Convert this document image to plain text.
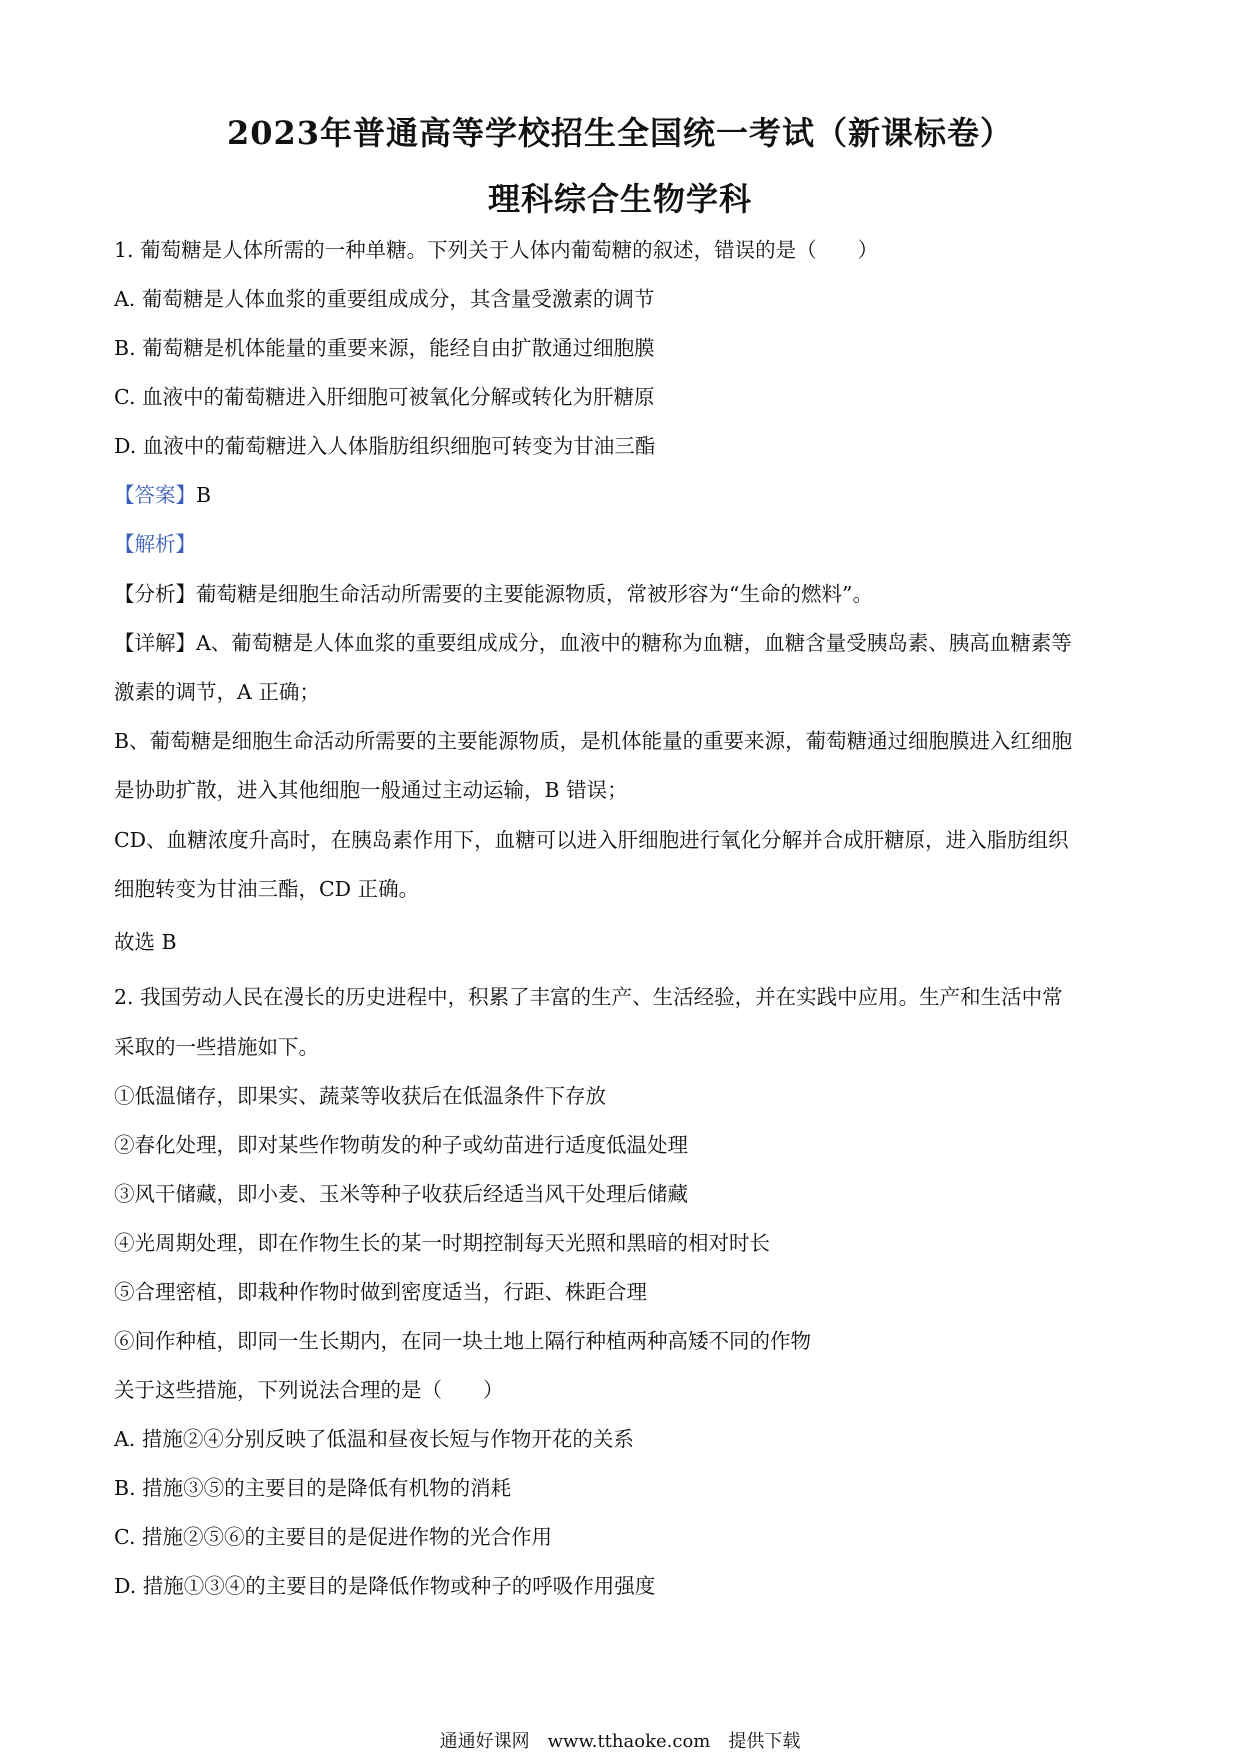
2023年普通高等学校招生全国统一考试（新课标卷）
理科综合生物学科
1. 葡萄糖是人体所需的一种单糖。下列关于人体内葡萄糖的叙述，错误的是（　　）
A. 葡萄糖是人体血浆的重要组成成分，其含量受激素的调节
B. 葡萄糖是机体能量的重要来源，能经自由扩散通过细胞膜
C. 血液中的葡萄糖进入肝细胞可被氧化分解或转化为肝糖原
D. 血液中的葡萄糖进入人体脂肪组织细胞可转变为甘油三酯
【答案】B
【解析】
【分析】葡萄糖是细胞生命活动所需要的主要能源物质，常被形容为“生命的燃料”。
【详解】A、葡萄糖是人体血浆的重要组成成分，血液中的糖称为血糖，血糖含量受胰岛素、胰高血糖素等
激素的调节，A 正确；
B、葡萄糖是细胞生命活动所需要的主要能源物质，是机体能量的重要来源，葡萄糖通过细胞膜进入红细胞
是协助扩散，进入其他细胞一般通过主动运输，B 错误；
CD、血糖浓度升高时，在胰岛素作用下，血糖可以进入肝细胞进行氧化分解并合成肝糖原，进入脂肪组织
细胞转变为甘油三酯，CD 正确。
故选 B
2. 我国劳动人民在漫长的历史进程中，积累了丰富的生产、生活经验，并在实践中应用。生产和生活中常
采取的一些措施如下。
①低温储存，即果实、蔬菜等收获后在低温条件下存放
②春化处理，即对某些作物萌发的种子或幼苗进行适度低温处理
③风干储藏，即小麦、玉米等种子收获后经适当风干处理后储藏
④光周期处理，即在作物生长的某一时期控制每天光照和黑暗的相对时长
⑤合理密植，即栽种作物时做到密度适当，行距、株距合理
⑥间作种植，即同一生长期内，在同一块土地上隔行种植两种高矮不同的作物
关于这些措施，下列说法合理的是（　　）
A. 措施②④分别反映了低温和昼夜长短与作物开花的关系
B. 措施③⑤的主要目的是降低有机物的消耗
C. 措施②⑤⑥的主要目的是促进作物的光合作用
D. 措施①③④的主要目的是降低作物或种子的呼吸作用强度
通通好课网　www.tthaoke.com　提供下载
